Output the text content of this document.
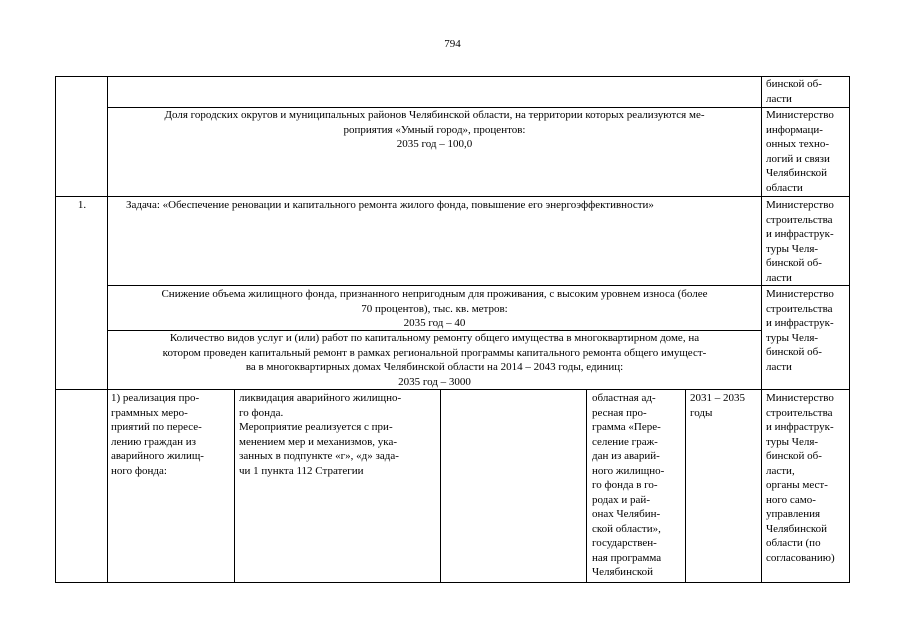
794
бинской об-
ласти
Доля городских округов и муниципальных районов Челябинской области, на территории которых реализуются ме-
роприятия «Умный город», процентов:
2035 год – 100,0
Министерство
информаци-
онных техно-
логий и связи
Челябинской
области
1.	Задача: «Обеспечение реновации и капитального ремонта жилого фонда, повышение его энергоэффективности»	Министерство
строительства
и инфраструк-
туры Челя-
бинской об-
ласти
Снижение объема жилищного фонда, признанного непригодным для проживания, с высоким уровнем износа (более
70 процентов), тыс. кв. метров:
2035 год – 40
Министерство
строительства
и инфраструк-
туры Челя-
бинской об-
ласти
Количество видов услуг и (или) работ по капитальному ремонту общего имущества в многоквартирном доме, на
котором проведен капитальный ремонт в рамках региональной программы капитального ремонта общего имущест-
ва в многоквартирных домах Челябинской области на 2014 – 2043 годы, единиц:
2035 год – 3000
1) реализация про-
граммных меро-
приятий по пересе-
лению граждан из
аварийного жилищ-
ного фонда:
ликвидация аварийного жилищно-
го фонда.
Мероприятие реализуется с при-
менением мер и механизмов, ука-
занных в подпункте «г», «д» зада-
чи 1 пункта 112 Стратегии
областная ад-
ресная про-
грамма «Пере-
селение граж-
дан из аварий-
ного жилищно-
го фонда в го-
родах и рай-
онах Челябин-
ской области»,
государствен-
ная программа
Челябинской
2031 – 2035
годы
Министерство
строительства
и инфраструк-
туры Челя-
бинской об-
ласти,
органы мест-
ного само-
управления
Челябинской
области (по
согласованию)
